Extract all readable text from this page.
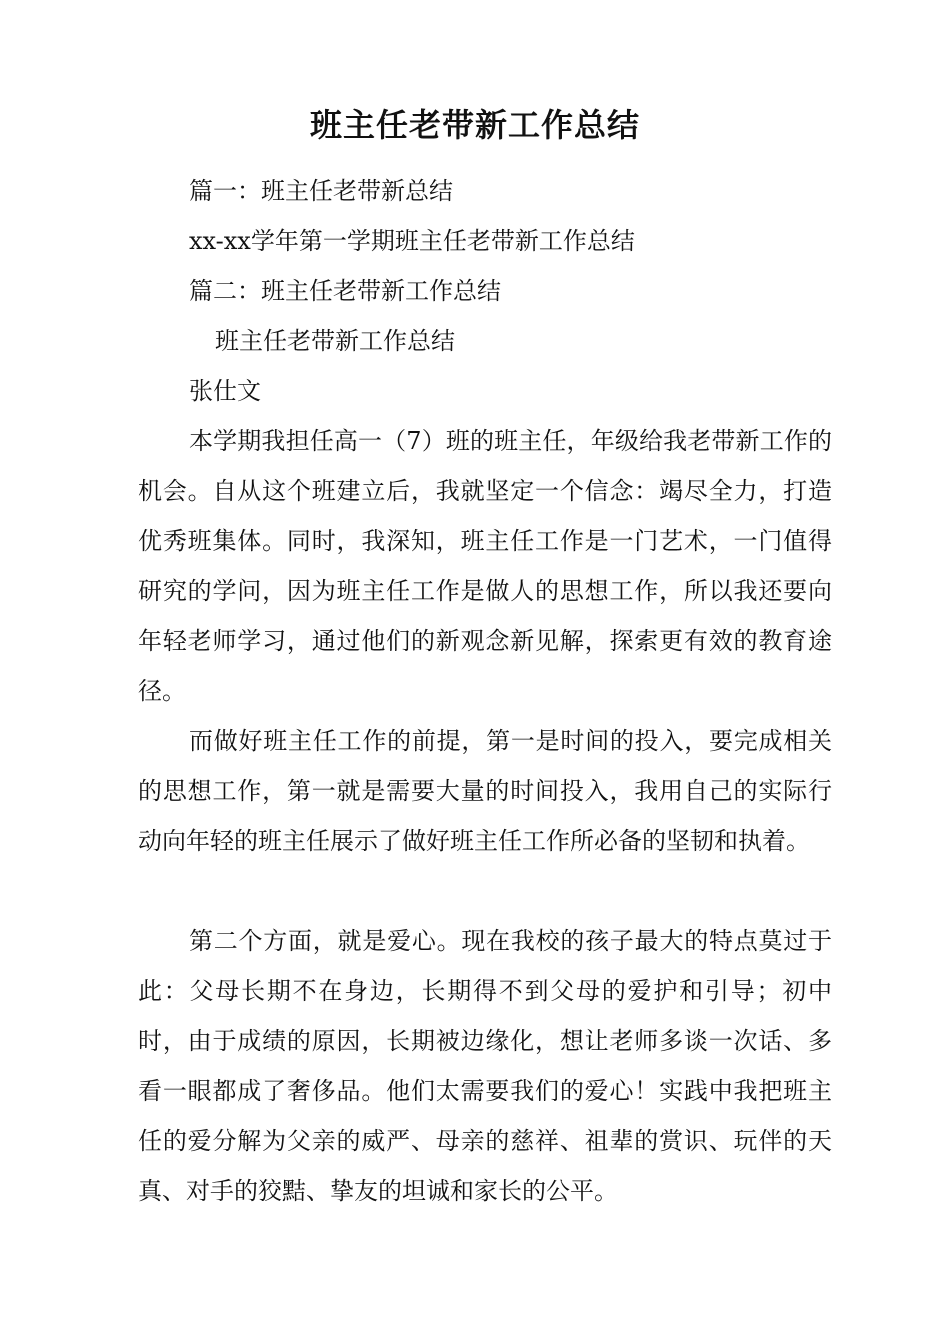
班主任老带新工作总结

篇一：班主任老带新总结

xx-xx学年第一学期班主任老带新工作总结

篇二：班主任老带新工作总结

班主任老带新工作总结

张仕文

本学期我担任高一（7）班的班主任，年级给我老带新工作的机会。自从这个班建立后，我就坚定一个信念：竭尽全力，打造优秀班集体。同时，我深知，班主任工作是一门艺术，一门值得研究的学问，因为班主任工作是做人的思想工作，所以我还要向年轻老师学习，通过他们的新观念新见解，探索更有效的教育途径。

而做好班主任工作的前提，第一是时间的投入，要完成相关的思想工作，第一就是需要大量的时间投入，我用自己的实际行动向年轻的班主任展示了做好班主任工作所必备的坚韧和执着。

第二个方面，就是爱心。现在我校的孩子最大的特点莫过于此：父母长期不在身边，长期得不到父母的爱护和引导；初中时，由于成绩的原因，长期被边缘化，想让老师多谈一次话、多看一眼都成了奢侈品。他们太需要我们的爱心！实践中我把班主任的爱分解为父亲的威严、母亲的慈祥、祖辈的赏识、玩伴的天真、对手的狡黠、挚友的坦诚和家长的公平。
